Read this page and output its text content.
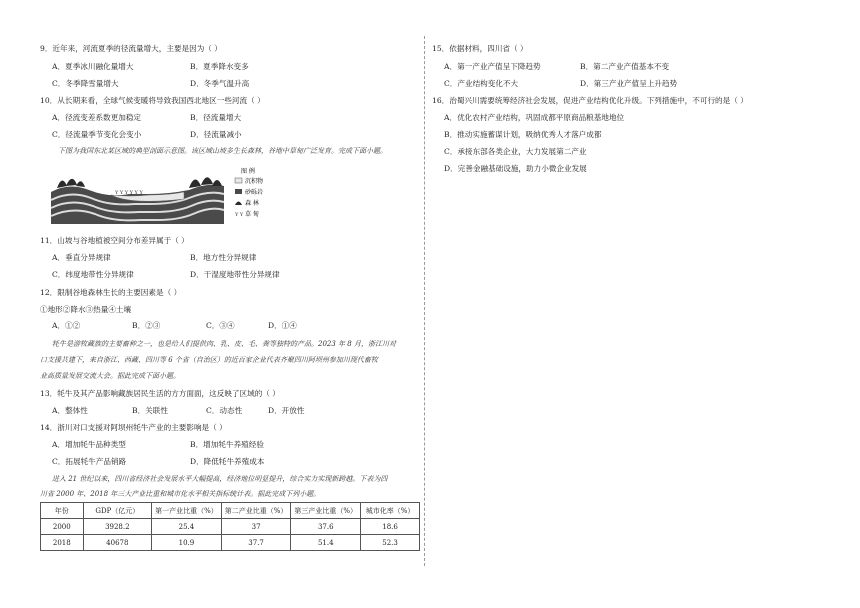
9．近年来，河流夏季的径流量增大，主要是因为（ ）
A．夏季冰川融化量增大	B．夏季降水变多
C．冬季降雪量增大	D．冬季气温升高
10．从长期来看，全球气候变暖将导致我国西北地区一些河流（ ）
A．径流变差系数更加稳定	B．径流量增大
C．径流量季节变化会变小	D．径流量减小
下图为我国东北某区域的典型剖面示意图。该区域山坡多生长森林，谷地中草甸广泛发育。完成下面小题。
Y Y Y Y Y Y
图 例
沉积物
砂砾岩
森 林
Y Y 草 甸
11．山坡与谷地植被空间分布差异属于（ ）
A．垂直分异规律	B．地方性分异规律
C．纬度地带性分异规律	D．干湿度地带性分异规律
12．限制谷地森林生长的主要因素是（ ）
①地形②降水③热量④土壤
A．①②	B．②③	C．③④	D．①④
牦牛是游牧藏族的主要畜种之一，也是给人们提供肉、乳、皮、毛、粪等独特的产品。2023 年 8 月，浙江川对
口支援共建下，来自浙江、西藏、四川等 6 个省（自治区）的近百家企业代表齐聚四川阿坝州参加川现代畜牧
业高质量发展交流大会。据此完成下面小题。
13．牦牛及其产品影响藏族居民生活的方方面面，这反映了区域的（ ）
A．整体性	B．关联性	C．动态性	D．开放性
14．浙川对口支援对阿坝州牦牛产业的主要影响是（ ）
A．增加牦牛品种类型	B．增加牦牛养殖经验
C．拓展牦牛产品销路	D．降低牦牛养殖成本
进入 21 世纪以来，四川省经济社会发展水平大幅提高，经济地位明显提升，综合实力实现新跨越。下表为四
川省 2000 年、2018 年三大产业比重和城市化水平相关指标统计表。据此完成下列小题。
年份	GDP（亿元）	第一产业比重（%）	第二产业比重（%）	第三产业比重（%）	城市化率（%）
2000	3928.2	25.4	37	37.6	18.6
2018	40678	10.9	37.7	51.4	52.3
15．依据材料，四川省（ ）
A．第一产业产值呈下降趋势	B．第二产业产值基本不变
C．产业结构变化不大	D．第三产业产值呈上升趋势
16．治蜀兴川需要统筹经济社会发展，促进产业结构优化升级。下列措施中，不可行的是（ ）
A．优化农村产业结构，巩固成都平原商品粮基地地位
B．推动实施蓄谋计划，吸纳优秀人才落户成都
C．承接东部各类企业，大力发展第二产业
D．完善金融基础设施，助力小微企业发展
